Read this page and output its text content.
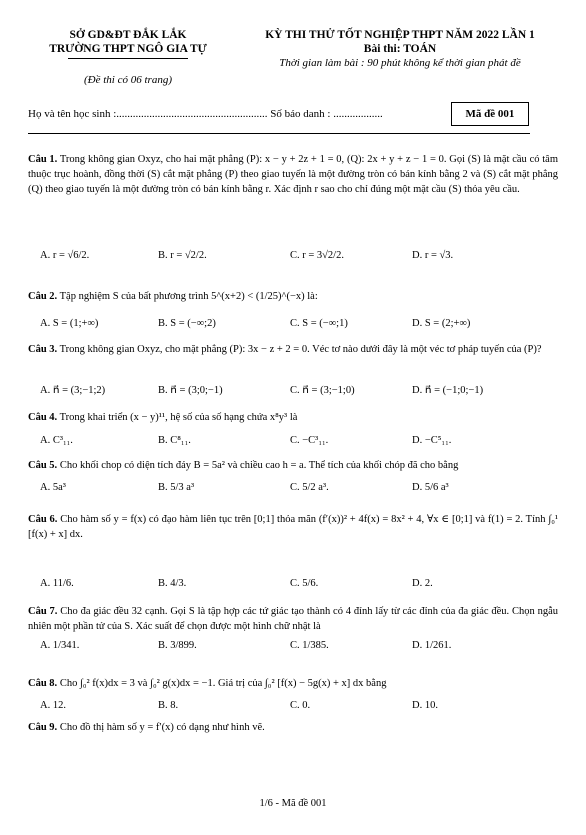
SỞ GD&ĐT ĐẮK LẮK
TRƯỜNG THPT NGÔ GIA TỰ
(Đề thi có 06 trang)
KỲ THI THỬ TỐT NGHIỆP THPT NĂM 2022 LẦN 1
Bài thi: TOÁN
Thời gian làm bài : 90 phút không kể thời gian phát đề
Họ và tên học sinh :....................................................... Số báo danh : ..................	Mã đề 001
Câu 1. Trong không gian Oxyz, cho hai mặt phẳng (P): x − y + 2z + 1 = 0, (Q): 2x + y + z − 1 = 0. Gọi (S) là mặt cầu có tâm thuộc trục hoành, đồng thời (S) cắt mặt phẳng (P) theo giao tuyến là một đường tròn có bán kính bằng 2 và (S) cắt mặt phẳng (Q) theo giao tuyến là một đường tròn có bán kính bằng r. Xác định r sao cho chỉ đúng một mặt cầu (S) thỏa yêu cầu.
A. r = √6/2.	B. r = √2/2.	C. r = 3√2/2.	D. r = √3.
Câu 2. Tập nghiệm S của bất phương trình 5^(x+2) < (1/25)^(−x) là:
A. S = (1;+∞)	B. S = (−∞;2)	C. S = (−∞;1)	D. S = (2;+∞)
Câu 3. Trong không gian Oxyz, cho mặt phẳng (P): 3x − z + 2 = 0. Véc tơ nào dưới đây là một véc tơ pháp tuyến của (P)?
A. n⃗ = (3;−1;2)	B. n⃗ = (3;0;−1)	C. n⃗ = (3;−1;0)	D. n⃗ = (−1;0;−1)
Câu 4. Trong khai triển (x − y)¹¹, hệ số của số hạng chứa x⁸y³ là
A. C³₁₁.	B. C⁸₁₁.	C. −C³₁₁.	D. −C⁵₁₁.
Câu 5. Cho khối chop có diện tích đáy B = 5a² và chiều cao h = a. Thể tích của khối chóp đã cho bằng
A. 5a³	B. 5/3 a³	C. 5/2 a³.	D. 5/6 a³
Câu 6. Cho hàm số y = f(x) có đạo hàm liên tục trên [0;1] thỏa mãn (f′(x))² + 4f(x) = 8x² + 4, ∀x ∈ [0;1] và f(1) = 2. Tính ∫₀¹ [f(x) + x] dx.
A. 11/6.	B. 4/3.	C. 5/6.	D. 2.
Câu 7. Cho đa giác đều 32 cạnh. Gọi S là tập hợp các tứ giác tạo thành có 4 đỉnh lấy từ các đỉnh của đa giác đều. Chọn ngẫu nhiên một phần tử của S. Xác suất để chọn được một hình chữ nhật là
A. 1/341.	B. 3/899.	C. 1/385.	D. 1/261.
Câu 8. Cho ∫₀² f(x)dx = 3 và ∫₀² g(x)dx = −1. Giá trị của ∫₀² [f(x) − 5g(x) + x] dx bằng
A. 12.	B. 8.	C. 0.	D. 10.
Câu 9. Cho đồ thị hàm số y = f′(x) có dạng như hình vẽ.
1/6 - Mã đề 001
